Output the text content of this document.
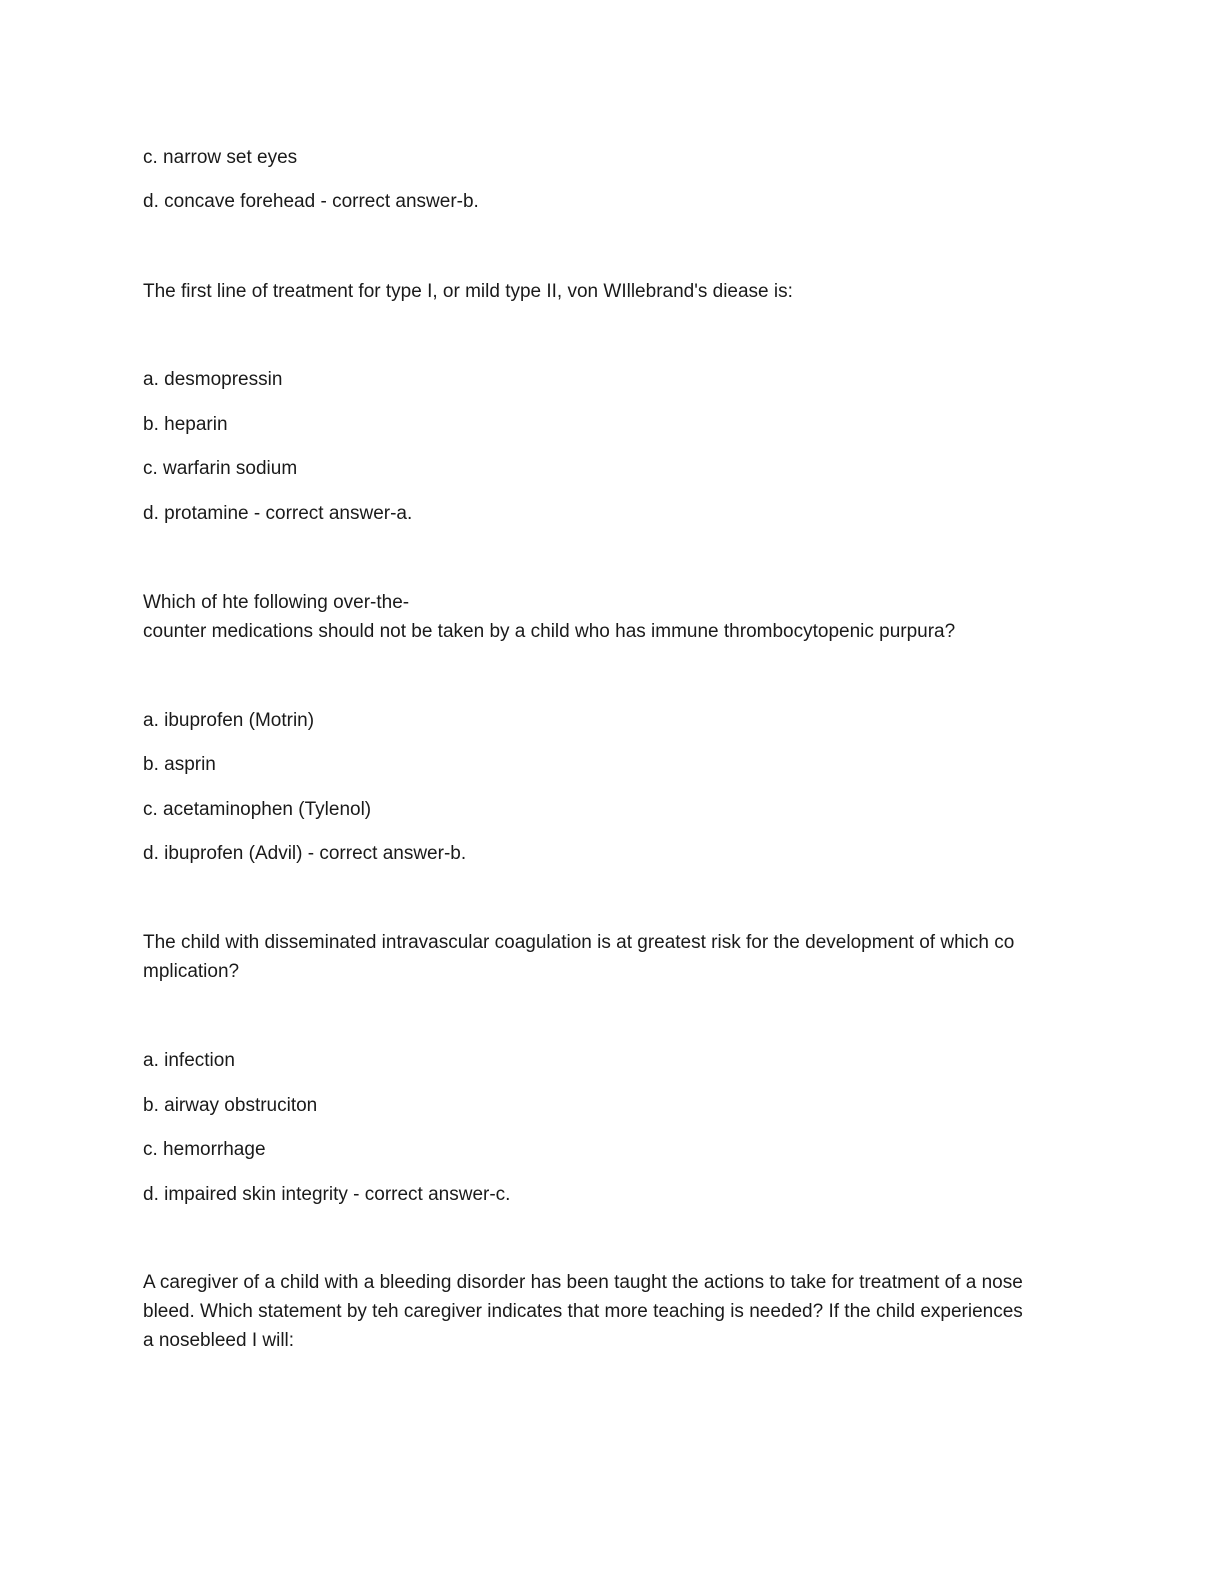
c. narrow set eyes
d. concave forehead - correct answer-b.
The first line of treatment for type I, or mild type II, von WIllebrand's diease is:
a. desmopressin
b. heparin
c. warfarin sodium
d. protamine - correct answer-a.
Which of hte following over-the-
counter medications should not be taken by a child who has immune thrombocytopenic purpura?
a. ibuprofen (Motrin)
b. asprin
c. acetaminophen (Tylenol)
d. ibuprofen (Advil) - correct answer-b.
The child with disseminated intravascular coagulation is at greatest risk for the development of which co
mplication?
a. infection
b. airway obstruciton
c. hemorrhage
d. impaired skin integrity - correct answer-c.
A caregiver of a child with a bleeding disorder has been taught the actions to take for treatment of a nose
bleed. Which statement by teh caregiver indicates that more teaching is needed? If the child experiences
a nosebleed I will:
